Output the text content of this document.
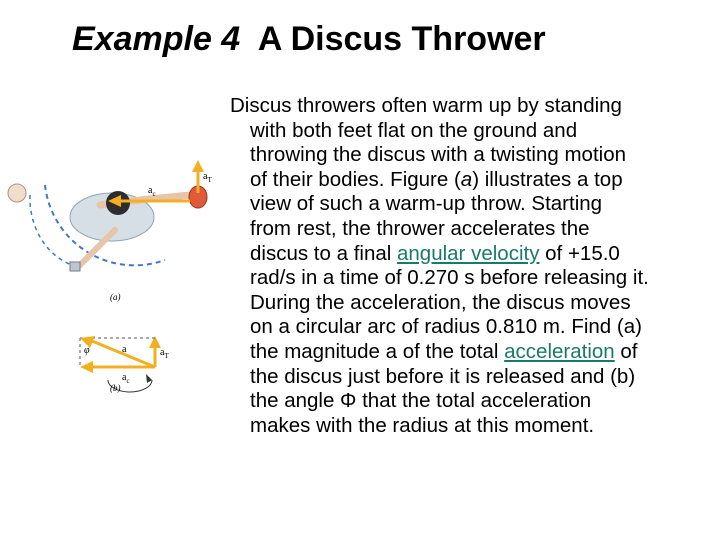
Example 4 A Discus Thrower
$a_c$
$a_T$
(a)
φ	a
$a_c$
$a_T$
(b)
Discus throwers often warm up by standing
with both feet flat on the ground and
throwing the discus with a twisting motion
of their bodies. Figure (a) illustrates a top
view of such a warm-up throw. Starting
from rest, the thrower accelerates the
discus to a final angular velocity of +15.0
rad/s in a time of 0.270 s before releasing it.
During the acceleration, the discus moves
on a circular arc of radius 0.810 m. Find (a)
the magnitude a of the total acceleration of
the discus just before it is released and (b)
the angle Φ that the total acceleration
makes with the radius at this moment.
